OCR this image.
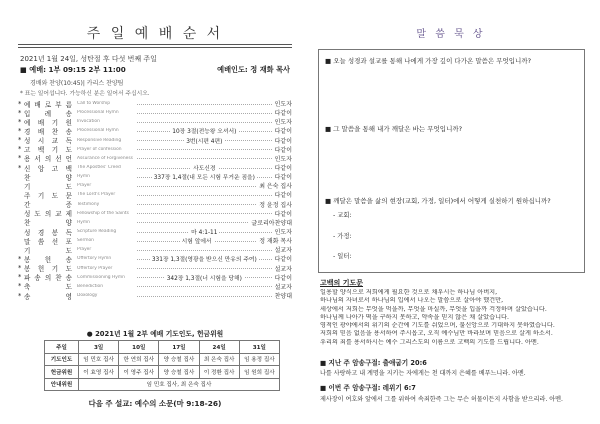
주 일 예 배 순 서
2021년 1월 24일, 성탄절 후 다섯 번째 주일
■ 예배: 1부 09:15 2부 11:00	예배인도: 정 재화 목사
경배와 찬양(10:45)| 카리스 찬양팀
* 표는 일어섭니다. 가능하신 분은 일어서 주십시오.
* 예 배 로 부 름 Call to Worship	인도자
* 입 례 송 Processional Hymn	다같이
* 예 배 기 원 Invocation	인도자
* 경 배 찬 송 Processional Hymn	10장 3절(전능왕 오셔서)	다같이
* 성 시 교 독 Responsive Reading	3번(시편 4편)	다같이
* 고 백 기 도 Prayer of confession	다같이
* 용 서 의 선 언 Assurance of Forgiveness	인도자
* 신 앙 고 백 The Apostles' Creed	사도신경	다같이
찬 양 Hymn	337장 1,4절(내 모든 시험 무거운 짐을)	다같이
기 도 Prayer	최 은숙 집사
주 기 도 문 The Lord's Prayer	다같이
간 증 Testimony	정 윤정 집사
성 도 의 교 제 Fellowship of the Saints	다같이
찬 양 Hymn	글로리아찬양대
성 경 봉 독 Scripture Reading	마 4:1-11	인도자
말 씀 선 포 Sermon	시험 앞에서	정 재화 목사
기 도 Prayer	설교자
* 봉 헌 송 Offertory Hymn	331장 1,3절(영광을 받으신 만유의 주여)	다같이
* 봉 헌 기 도 Offertory Prayer	설교자
* 파 송 의 찬 송 Commissioning Hymn	342장 1,3절(너 시험을 당해)	다같이
* 축 도 Benediction	설교자
* 송 영 Doxology	찬양대
● 2021년 1월 2부 예배 기도인도, 헌금위원
주일	3일	10일	17일	24일	31일
기도인도	임 민호 집사	한 연희 집사	양 승철 집사	최 은숙 집사	임 용정 집사
헌금위원	이 효영 집사	이 영주 집사	양 승철 집사	이 정환 집사	임 원희 집사
안내위원	임 민호 집사, 최 은숙 집사				
다음 주 설교: 예수의 소문(마 9:18-26)
말 씀 묵 상
■ 오늘 성경과 설교를 통해 나에게 가장 깊이 다가온 말씀은 무엇입니까?
■ 그 말씀을 통해 내가 깨달은 바는 무엇입니까?
■ 깨달은 말씀을 삶의 현장(교회, 가정, 일터)에서 어떻게 실천하기 원하십니까?
- 교회:
- 가정:
- 일터:
고백의 기도문
일용할 양식으로 저희에게 필요한 것으로 채우시는 하나님 아버지,
하나님의 자녀로서 하나님의 입에서 나오는 말씀으로 살아야 했건만,
세상에서 저희는 무엇을 먹을까, 무엇을 마실까, 무엇을 입을까 걱정하며 살았습니다.
하나님께 나아가 떡을 구하지 못하고, 약속을 믿지 않은 채 살았습니다.
영적인 광야에서의 위기의 순간에 기도를 쉬었으며, 불신앙으로 기대하지 못하였습니다.
저희의 믿음 없음을 용서하여 주시옵고, 오직 예수님만 바라보며 믿음으로 살게 하소서.
우리의 죄를 용서하시는 예수 그리스도의 이름으로 고백의 기도를 드립니다. 아멘.
■ 지난 주 암송구절: 출애굽기 20:6
나를 사랑하고 내 계명을 지키는 자에게는 천 대까지 은혜를 베푸느니라. 아멘.
■ 이번 주 암송구절: 레위기 6:7
제사장이 여호와 앞에서 그를 위하여 속죄한즉 그는 무슨 허물이든지 사함을 받으리라. 아멘.
